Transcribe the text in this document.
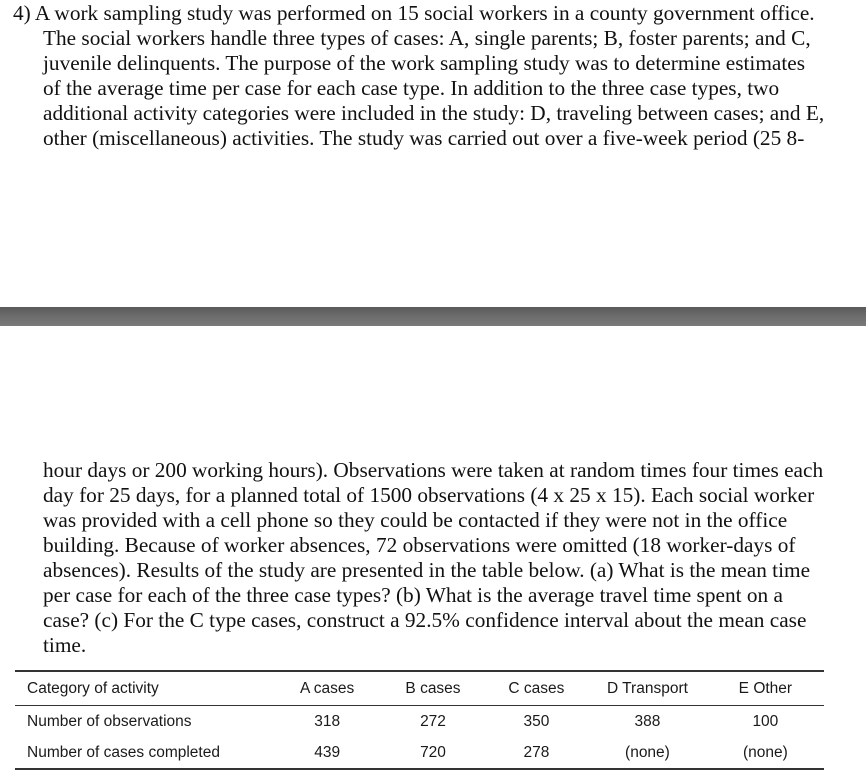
4) A work sampling study was performed on 15 social workers in a county government office.
The social workers handle three types of cases: A, single parents; B, foster parents; and C,
juvenile delinquents. The purpose of the work sampling study was to determine estimates
of the average time per case for each case type. In addition to the three case types, two
additional activity categories were included in the study: D, traveling between cases; and E,
other (miscellaneous) activities. The study was carried out over a five-week period (25 8-
hour days or 200 working hours). Observations were taken at random times four times each
day for 25 days, for a planned total of 1500 observations (4 x 25 x 15). Each social worker
was provided with a cell phone so they could be contacted if they were not in the office
building. Because of worker absences, 72 observations were omitted (18 worker-days of
absences). Results of the study are presented in the table below. (a) What is the mean time
per case for each of the three case types? (b) What is the average travel time spent on a
case? (c) For the C type cases, construct a 92.5% confidence interval about the mean case
time.
Category of activity	A cases	B cases	C cases	D Transport	E Other
Number of observations	318	272	350	388	100
Number of cases completed	439	720	278	(none)	(none)
